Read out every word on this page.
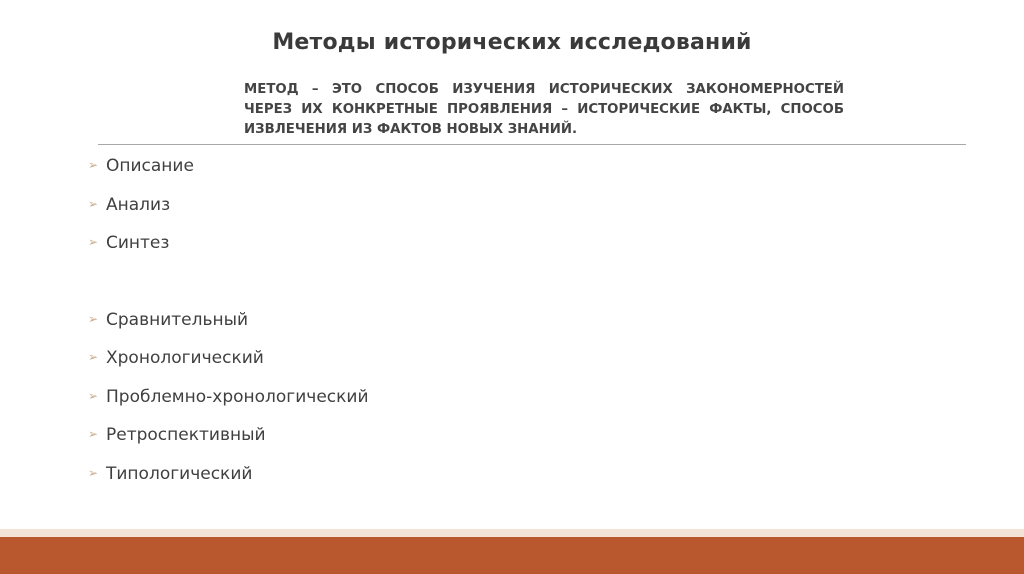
Методы исторических исследований
МЕТОД – ЭТО СПОСОБ ИЗУЧЕНИЯ ИСТОРИЧЕСКИХ ЗАКОНОМЕРНОСТЕЙ ЧЕРЕЗ ИХ КОНКРЕТНЫЕ ПРОЯВЛЕНИЯ – ИСТОРИЧЕСКИЕ ФАКТЫ, СПОСОБ ИЗВЛЕЧЕНИЯ ИЗ ФАКТОВ НОВЫХ ЗНАНИЙ.
➢ Описание
➢ Анализ
➢ Синтез
➢ Сравнительный
➢ Хронологический
➢ Проблемно-хронологический
➢ Ретроспективный
➢ Типологический
